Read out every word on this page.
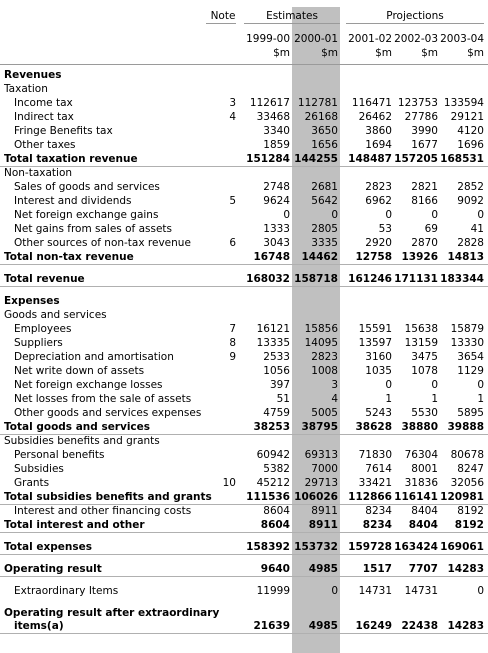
Note	Estimates	Projections
1999-00 2000-01 2001-02 2002-03 2003-04
$m	$m	$m	$m	$m
Revenues
Taxation
Income tax	3	112617 112781	116471 123753 133594
Indirect tax	4	33468	26168	26462	27786	29121
Fringe Benefits tax	3340	3650	3860	3990	4120
Other taxes	1859	1656	1694	1677	1696
Total taxation revenue	151284 144255 148487 157205 168531
Non-taxation
Sales of goods and services	2748	2681	2823	2821	2852
Interest and dividends	5	9624	5642	6962	8166	9092
Net foreign exchange gains	0	0	0	0	0
Net gains from sales of assets	1333	2805	53	69	41
Other sources of non-tax revenue	6	3043	3335	2920	2870	2828
Total non-tax revenue	16748	14462	12758 13926 14813
Total revenue	168032 158718 161246 171131 183344
Expenses
Goods and services
Employees	7	16121	15856	15591	15638	15879
Suppliers	8	13335	14095	13597	13159	13330
Depreciation and amortisation	9	2533	2823	3160	3475	3654
Net write down of assets	1056	1008	1035	1078	1129
Net foreign exchange losses	397	3	0	0	0
Net losses from the sale of assets	51	4	1	1	1
Other goods and services expenses	4759	5005	5243	5530	5895
Total goods and services	38253	38795	38628 38880 39888
Subsidies benefits and grants
Personal benefits	60942	69313	71830	76304	80678
Subsidies	5382	7000	7614	8001	8247
Grants	10	45212	29713	33421	31836	32056
Total subsidies benefits and grants	111536 106026 112866 116141 120981
Interest and other financing costs	8604	8911	8234	8404	8192
Total interest and other	8604	8911	8234	8404	8192
Total expenses	158392 153732 159728 163424 169061
Operating result	9640	4985	1517	7707 14283
Extraordinary Items	11999	0	14731	14731	0
Operating result after extraordinary
items(a)	21639	4985	16249 22438 14283
